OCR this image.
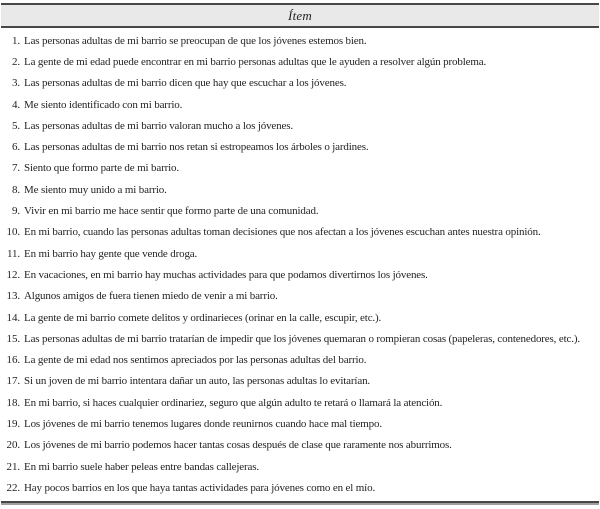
Ítem
1. Las personas adultas de mi barrio se preocupan de que los jóvenes estemos bien.
2. La gente de mi edad puede encontrar en mi barrio personas adultas que le ayuden a resolver algún problema.
3. Las personas adultas de mi barrio dicen que hay que escuchar a los jóvenes.
4. Me siento identificado con mi barrio.
5. Las personas adultas de mi barrio valoran mucho a los jóvenes.
6. Las personas adultas de mi barrio nos retan si estropeamos los árboles o jardines.
7. Siento que formo parte de mi barrio.
8. Me siento muy unido a mi barrio.
9. Vivir en mi barrio me hace sentir que formo parte de una comunidad.
10. En mi barrio, cuando las personas adultas toman decisiones que nos afectan a los jóvenes escuchan antes nuestra opinión.
11. En mi barrio hay gente que vende droga.
12. En vacaciones, en mi barrio hay muchas actividades para que podamos divertirnos los jóvenes.
13. Algunos amigos de fuera tienen miedo de venir a mi barrio.
14. La gente de mi barrio comete delitos y ordinarieces (orinar en la calle, escupir, etc.).
15. Las personas adultas de mi barrio tratarían de impedir que los jóvenes quemaran o rompieran cosas (papeleras, contenedores, etc.).
16. La gente de mi edad nos sentimos apreciados por las personas adultas del barrio.
17. Si un joven de mi barrio intentara dañar un auto, las personas adultas lo evitarían.
18. En mi barrio, si haces cualquier ordinariez, seguro que algún adulto te retará o llamará la atención.
19. Los jóvenes de mi barrio tenemos lugares donde reunirnos cuando hace mal tiempo.
20. Los jóvenes de mi barrio podemos hacer tantas cosas después de clase que raramente nos aburrimos.
21. En mi barrio suele haber peleas entre bandas callejeras.
22. Hay pocos barrios en los que haya tantas actividades para jóvenes como en el mío.
